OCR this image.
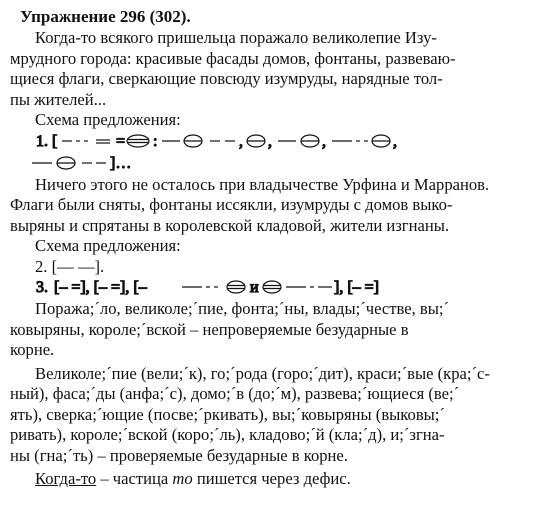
Упражнение 296 (302).
Когда-то всякого пришельца поражало великолепие Изу-
мрудного города: красивые фасады домов, фонтаны, развеваю-
щиеся флаги, сверкающие повсюду изумруды, нарядные тол-
пы жителей...
Схема предложения:
1. [	= :	, ,	,	,
]…
Ничего этого не осталось при владычестве Урфина и Марранов.
Флаги были сняты, фонтаны иссякли, изумруды с домов выко-
выряны и спрятаны в королевской кладовой, жители изгнаны.
Схема предложения:
2. [— —].
3. [– =], [– =], [–	и	], [– =]
Поража;´ло, великоле;´пие, фонта;´ны, влады;´честве, вы;´
ковыряны, короле;´вской – непроверяемые безударные в
корне.
Великоле;´пие (вели;´к), го;´рода (горо;´дит), краси;´вые (кра;´с-
ный), фаса;´ды (анфа;´с), домо;´в (до;´м), развева;´ющиеся (ве;´
ять), сверка;´ющие (посве;´ркивать), вы;´ковыряны (выковы;´
ривать), короле;´вской (коро;´ль), кладово;´й (кла;´д), и;´згна-
ны (гна;´ть) – проверяемые безударные в корне.
Когда-то – частица то пишется через дефис.
